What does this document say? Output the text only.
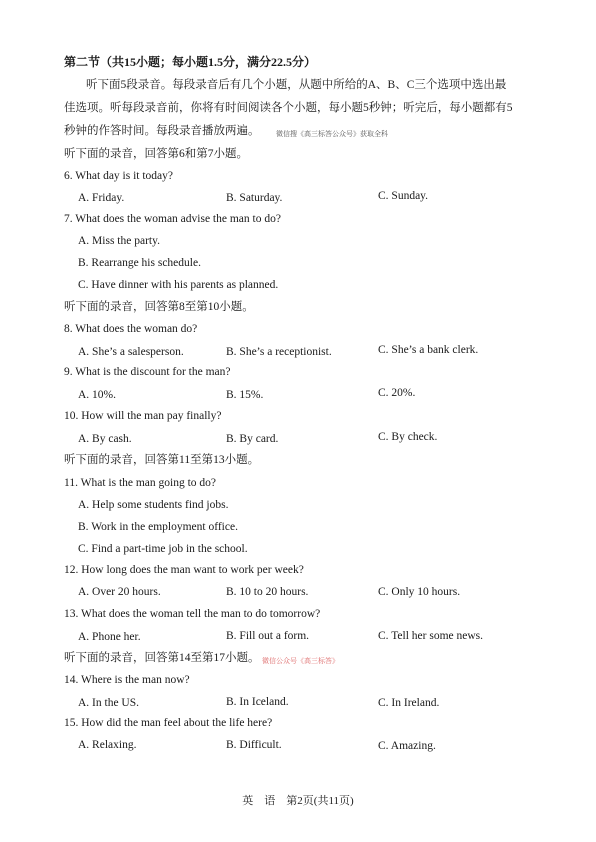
第二节（共15小题；每小题1.5分，满分22.5分）
听下面5段录音。每段录音后有几个小题，从题中所给的A、B、C三个选项中选出最
佳选项。听每段录音前，你将有时间阅读各个小题，每小题5秒钟；听完后，每小题都有5
秒钟的作答时间。每段录音播放两遍。 微信搜《高三标答公众号》获取全科
听下面的录音，回答第6和第7小题。
6. What day is it today?
A. Friday.	B. Saturday.	C. Sunday.
7. What does the woman advise the man to do?
A. Miss the party.
B. Rearrange his schedule.
C. Have dinner with his parents as planned.
听下面的录音，回答第8至第10小题。
8. What does the woman do?
A. She’s a salesperson.	B. She’s a receptionist.	C. She’s a bank clerk.
9. What is the discount for the man?
A. 10%.	B. 15%.	C. 20%.
10. How will the man pay finally?
A. By cash.	B. By card.	C. By check.
听下面的录音，回答第11至第13小题。
11. What is the man going to do?
A. Help some students find jobs.
B. Work in the employment office.
C. Find a part-time job in the school.
12. How long does the man want to work per week?
A. Over 20 hours.	B. 10 to 20 hours.	C. Only 10 hours.
13. What does the woman tell the man to do tomorrow?
A. Phone her.	B. Fill out a form.	C. Tell her some news.
听下面的录音，回答第14至第17小题。 微信公众号《高三标答》
14. Where is the man now?
A. In the US.	B. In Iceland.	C. In Ireland.
15. How did the man feel about the life here?
A. Relaxing.	B. Difficult.	C. Amazing.
英　语　第2页(共11页)
